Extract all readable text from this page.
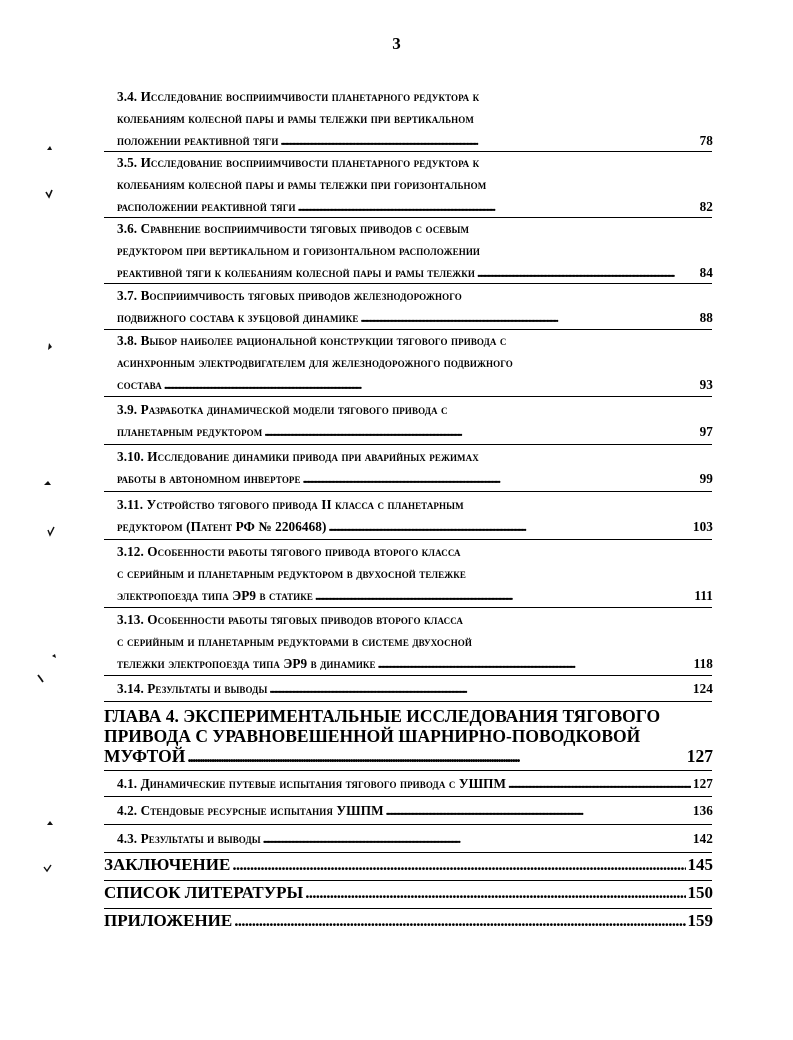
3
3.4. Исследование восприимчивости планетарного редуктора к
колебаниям колесной пары и рамы тележки при вертикальном
положении реактивной тяги . . .	78
3.5. Исследование восприимчивости планетарного редуктора к
колебаниям колесной пары и рамы тележки при горизонтальном
расположении реактивной тяги . . .	82
3.6. Сравнение восприимчивости тяговых приводов с осевым
редуктором при вертикальном и горизонтальном расположении
реактивной тяги к колебаниям колесной пары и рамы тележки . . .	84
3.7. Восприимчивость тяговых приводов железнодорожного
подвижного состава к зубцовой динамике . . .	88
3.8. Выбор наиболее рациональной конструкции тягового привода с
асинхронным электродвигателем для железнодорожного подвижного
состава . . .	93
3.9. Разработка динамической модели тягового привода с
планетарным редуктором . . .	97
3.10. Исследование динамики привода при аварийных режимах
работы в автономном инверторе . . .	99
3.11. Устройство тягового привода II класса с планетарным
редуктором (Патент РФ № 2206468) . . .	103
3.12. Особенности работы тягового привода второго класса
с серийным и планетарным редуктором в двухосной тележке
электропоезда типа ЭР9 в статике . . .	111
3.13. Особенности работы тяговых приводов второго класса
с серийным и планетарным редукторами в системе двухосной
тележки электропоезда типа ЭР9 в динамике . . .	118
3.14. Результаты и выводы . . .	124
ГЛАВА 4. ЭКСПЕРИМЕНТАЛЬНЫЕ ИССЛЕДОВАНИЯ ТЯГОВОГО
ПРИВОДА С УРАВНОВЕШЕННОЙ ШАРНИРНО-ПОВОДКОВОЙ
МУФТОЙ . . .	127
4.1. Динамические путевые испытания тягового привода с УШПМ . . .	127
4.2. Стендовые ресурсные испытания УШПМ . . .	136
4.3. Результаты и выводы . . .	142
ЗАКЛЮЧЕНИЕ . . .	145
СПИСОК ЛИТЕРАТУРЫ . . .	150
ПРИЛОЖЕНИЕ . . .	159
